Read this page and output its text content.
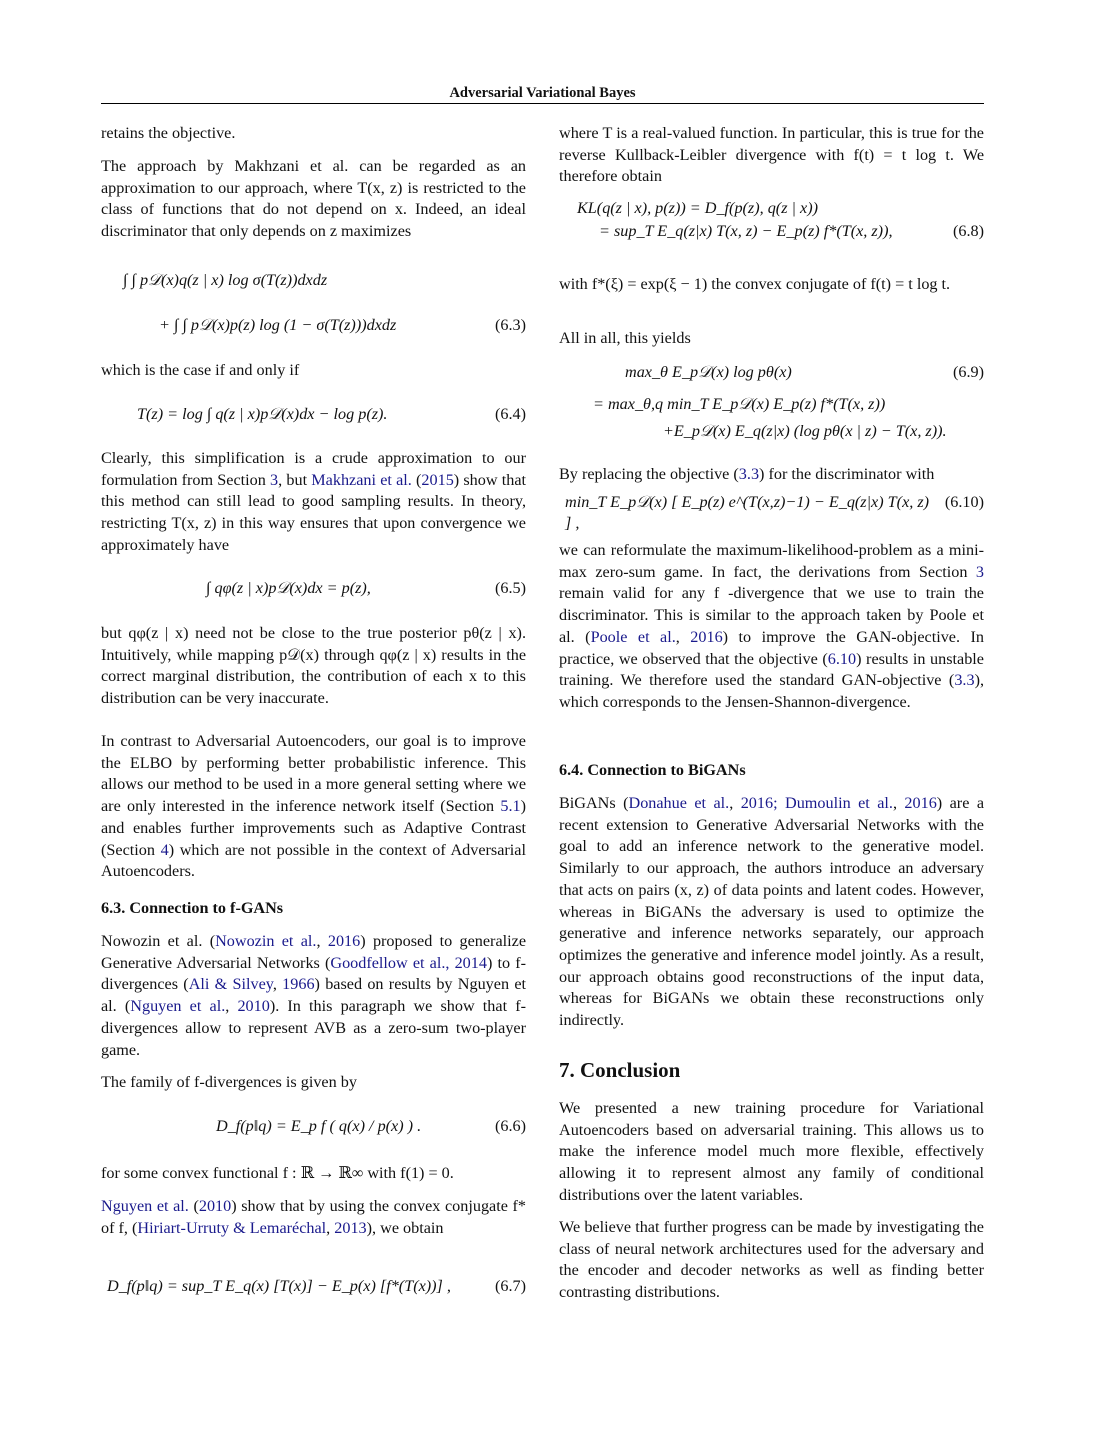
Adversarial Variational Bayes
retains the objective.
The approach by Makhzani et al. can be regarded as an approximation to our approach, where T(x, z) is restricted to the class of functions that do not depend on x. Indeed, an ideal discriminator that only depends on z maximizes
∫ ∫ p𝒟(x)q(z | x) log σ(T(z))dxdz
+ ∫ ∫ p𝒟(x)p(z) log (1 − σ(T(z)))dxdz	(6.3)
which is the case if and only if
T(z) = log ∫ q(z | x)p𝒟(x)dx − log p(z).	(6.4)
Clearly, this simplification is a crude approximation to our formulation from Section 3, but Makhzani et al. (2015) show that this method can still lead to good sampling results. In theory, restricting T(x, z) in this way ensures that upon convergence we approximately have
∫ qφ(z | x)p𝒟(x)dx = p(z),	(6.5)
but qφ(z | x) need not be close to the true posterior pθ(z | x). Intuitively, while mapping p𝒟(x) through qφ(z | x) results in the correct marginal distribution, the contribution of each x to this distribution can be very inaccurate.
In contrast to Adversarial Autoencoders, our goal is to improve the ELBO by performing better probabilistic inference. This allows our method to be used in a more general setting where we are only interested in the inference network itself (Section 5.1) and enables further improvements such as Adaptive Contrast (Section 4) which are not possible in the context of Adversarial Autoencoders.
6.3. Connection to f-GANs
Nowozin et al. (Nowozin et al., 2016) proposed to generalize Generative Adversarial Networks (Goodfellow et al., 2014) to f-divergences (Ali & Silvey, 1966) based on results by Nguyen et al. (Nguyen et al., 2010). In this paragraph we show that f-divergences allow to represent AVB as a zero-sum two-player game.
The family of f-divergences is given by
D_f(p‖q) = E_p f ( q(x) / p(x) ) .	(6.6)
for some convex functional f : ℝ → ℝ∞ with f(1) = 0.
Nguyen et al. (2010) show that by using the convex conjugate f* of f, (Hiriart-Urruty & Lemaréchal, 2013), we obtain
D_f(p‖q) = sup_T E_q(x) [T(x)] − E_p(x) [f*(T(x))] ,	(6.7)
where T is a real-valued function. In particular, this is true for the reverse Kullback-Leibler divergence with f(t) = t log t. We therefore obtain
KL(q(z | x), p(z)) = D_f(p(z), q(z | x))
= sup_T E_q(z|x) T(x, z) − E_p(z) f*(T(x, z)),	(6.8)
with f*(ξ) = exp(ξ − 1) the convex conjugate of f(t) = t log t.
All in all, this yields
max_θ E_p𝒟(x) log pθ(x)	(6.9)
= max_θ,q min_T E_p𝒟(x) E_p(z) f*(T(x, z))
+E_p𝒟(x) E_q(z|x) (log pθ(x | z) − T(x, z)).
By replacing the objective (3.3) for the discriminator with
min_T E_p𝒟(x) [ E_p(z) e^(T(x,z)−1) − E_q(z|x) T(x, z) ] ,
(6.10)
we can reformulate the maximum-likelihood-problem as a mini-max zero-sum game. In fact, the derivations from Section 3 remain valid for any f -divergence that we use to train the discriminator. This is similar to the approach taken by Poole et al. (Poole et al., 2016) to improve the GAN-objective. In practice, we observed that the objective (6.10) results in unstable training. We therefore used the standard GAN-objective (3.3), which corresponds to the Jensen-Shannon-divergence.
6.4. Connection to BiGANs
BiGANs (Donahue et al., 2016; Dumoulin et al., 2016) are a recent extension to Generative Adversarial Networks with the goal to add an inference network to the generative model. Similarly to our approach, the authors introduce an adversary that acts on pairs (x, z) of data points and latent codes. However, whereas in BiGANs the adversary is used to optimize the generative and inference networks separately, our approach optimizes the generative and inference model jointly. As a result, our approach obtains good reconstructions of the input data, whereas for BiGANs we obtain these reconstructions only indirectly.
7. Conclusion
We presented a new training procedure for Variational Autoencoders based on adversarial training. This allows us to make the inference model much more flexible, effectively allowing it to represent almost any family of conditional distributions over the latent variables.
We believe that further progress can be made by investigating the class of neural network architectures used for the adversary and the encoder and decoder networks as well as finding better contrasting distributions.
